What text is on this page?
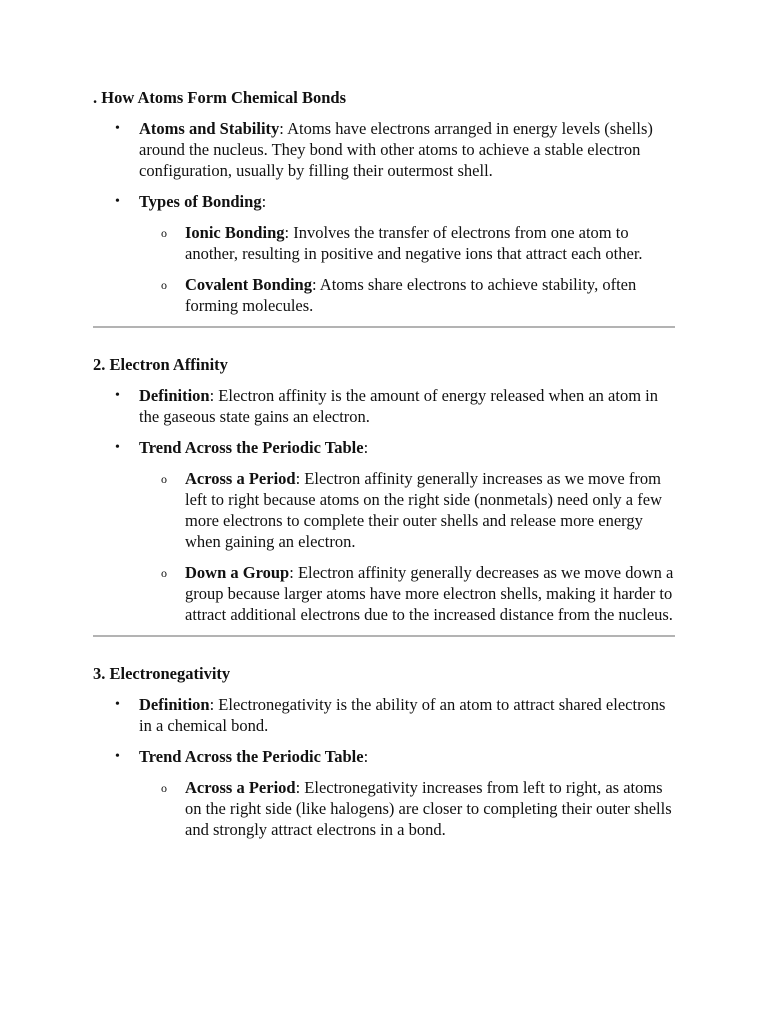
. How Atoms Form Chemical Bonds
• Atoms and Stability: Atoms have electrons arranged in energy levels (shells) around the nucleus. They bond with other atoms to achieve a stable electron configuration, usually by filling their outermost shell.
• Types of Bonding:
o Ionic Bonding: Involves the transfer of electrons from one atom to another, resulting in positive and negative ions that attract each other.
o Covalent Bonding: Atoms share electrons to achieve stability, often forming molecules.
2. Electron Affinity
• Definition: Electron affinity is the amount of energy released when an atom in the gaseous state gains an electron.
• Trend Across the Periodic Table:
o Across a Period: Electron affinity generally increases as we move from left to right because atoms on the right side (nonmetals) need only a few more electrons to complete their outer shells and release more energy when gaining an electron.
o Down a Group: Electron affinity generally decreases as we move down a group because larger atoms have more electron shells, making it harder to attract additional electrons due to the increased distance from the nucleus.
3. Electronegativity
• Definition: Electronegativity is the ability of an atom to attract shared electrons in a chemical bond.
• Trend Across the Periodic Table:
o Across a Period: Electronegativity increases from left to right, as atoms on the right side (like halogens) are closer to completing their outer shells and strongly attract electrons in a bond.
